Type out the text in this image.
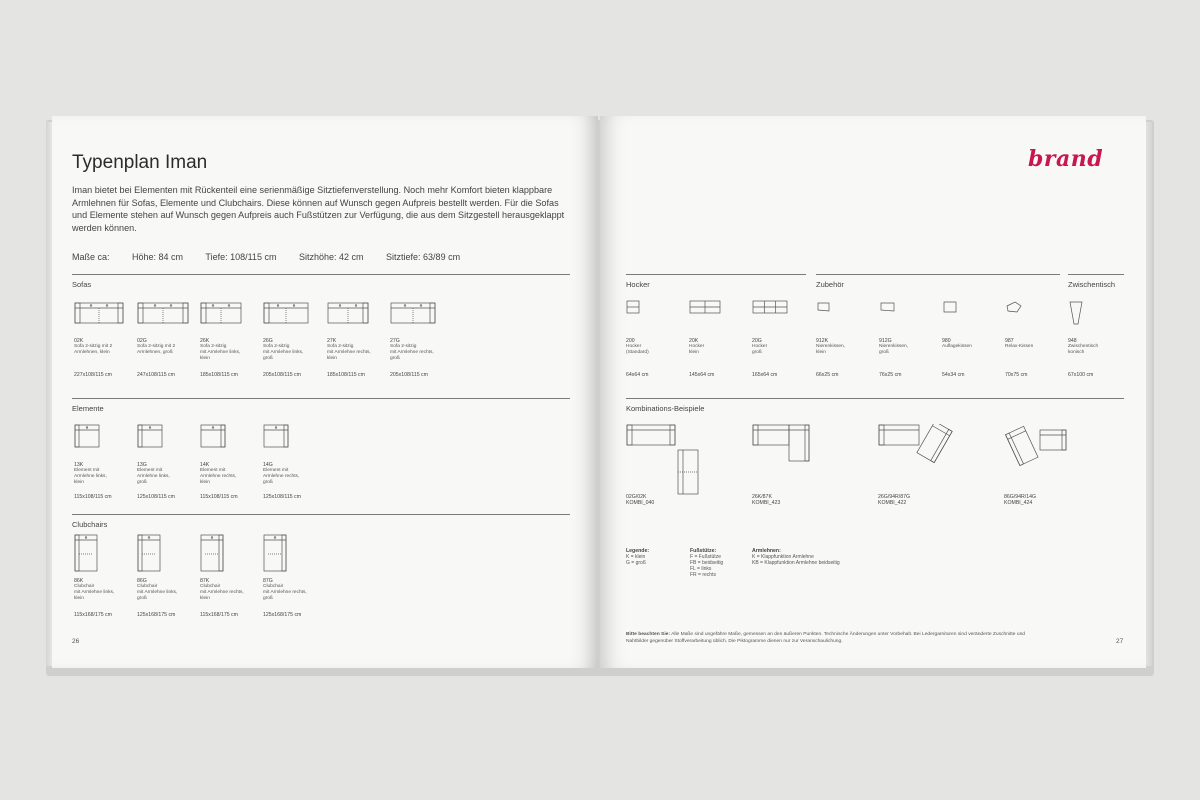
Typenplan Iman
Iman bietet bei Elementen mit Rückenteil eine serienmäßige Sitztiefenverstellung. Noch mehr Komfort bieten klappbare Armlehnen für Sofas, Elemente und Clubchairs. Diese können auf Wunsch gegen Aufpreis bestellt werden. Für die Sofas und Elemente stehen auf Wunsch gegen Aufpreis auch Fußstützen zur Verfügung, die aus dem Sitzgestell herausgeklappt werden können.
Maße ca:	Höhe: 84 cm Tiefe: 108/115 cm	Sitzhöhe: 42 cm	Sitztiefe: 63/89 cm
Sofas
Elemente
Clubchairs
26
02K
Sofa 2-sitzig mit 2
Armlehnen, klein
227x108/115 cm
02G
Sofa 2-sitzig mit 2
Armlehnen, groß
247x108/115 cm
26K
Sofa 2-sitzig
mit Armlehne links,
klein
185x108/115 cm
26G
Sofa 2-sitzig
mit Armlehne links,
groß
205x108/115 cm
27K
Sofa 2-sitzig
mit Armlehne rechts,
klein
185x108/115 cm
27G
Sofa 2-sitzig
mit Armlehne rechts,
groß
205x108/115 cm
13K
Element mit
Armlehne links,
klein
115x108/115 cm
13G
Element mit
Armlehne links,
groß
125x108/115 cm
14K
Element mit
Armlehne rechts,
klein
115x108/115 cm
14G
Element mit
Armlehne rechts,
groß
125x108/115 cm
86K
Clubchair
mit Armlehne links,
klein
115x168/175 cm
86G
Clubchair
mit Armlehne links,
groß
125x168/175 cm
87K
Clubchair
mit Armlehne rechts,
klein
115x168/175 cm
87G
Clubchair
mit Armlehne rechts,
groß
125x168/175 cm
brand
Hocker	Zubehör	Zwischentisch
Kombinations-Beispiele
200
Hocker
(Standard)
64x64 cm
20K
Hocker
klein
145x64 cm
20G
Hocker
groß
165x64 cm
912K
Nierenkissen,
klein
66x25 cm
912G
Nierenkissen,
groß
76x25 cm
980
Auflagekissen
54x34 cm
987
Relax-Kissen
70x75 cm
948
Zwischentisch
konisch
67x100 cm
02G/02K
KOMBI_040
26K/87K
KOMBI_423
26G/94R/87G
KOMBI_422
86G/94R/14G
KOMBI_424
Legende:
K = klein
G = groß
Fußstütze:
F = Fußstütze
FB = beidseitig
FL = links
FR = rechts
Armlehnen:
K = Klappfunktion Armlehne
KB = Klappfunktion Armlehne beidseitig
Bitte beachten Sie: Alle Maße sind ungefähre Maße, gemessen an den äußeren Punkten. Technische Änderungen unter Vorbehalt. Bei Ledergarnituren sind veränderte Zuschnitte und Nahtbilder gegenüber Stoffverarbeitung üblich. Die Piktogramme dienen nur zur Veranschaulichung.	27
